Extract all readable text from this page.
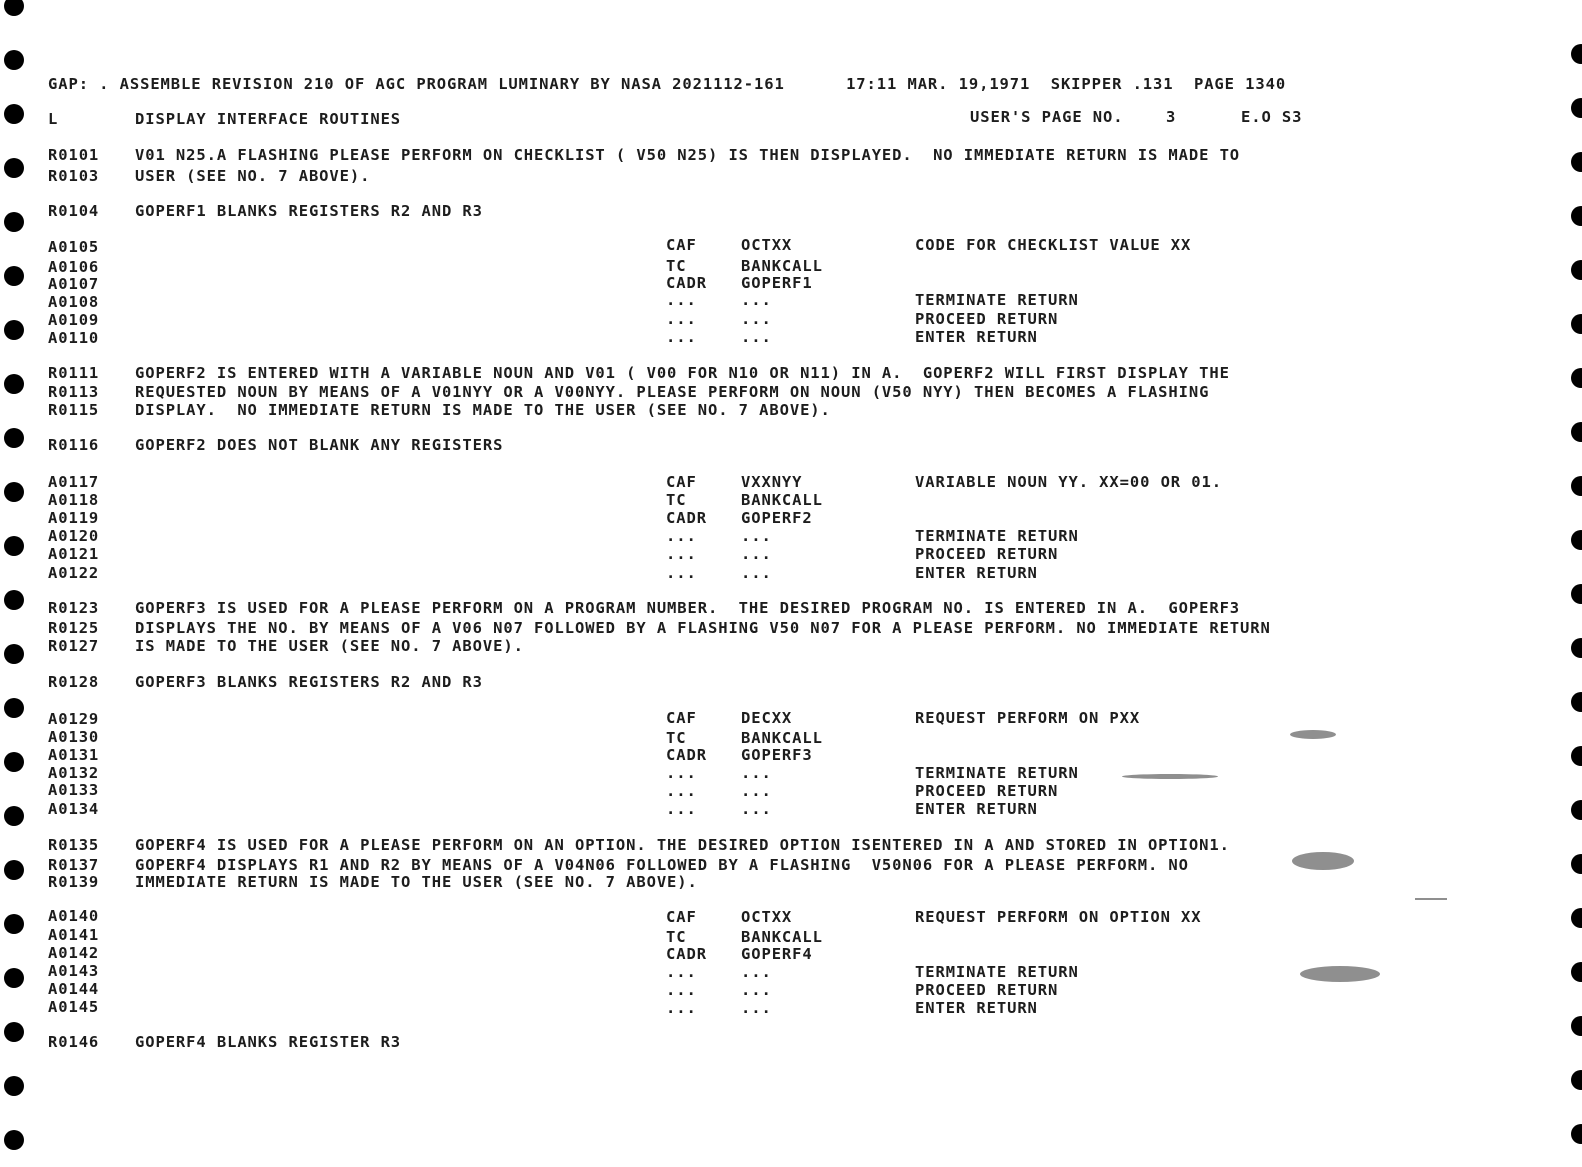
GAP: . ASSEMBLE REVISION 210 OF AGC PROGRAM LUMINARY BY NASA 2021112-161      17:11 MAR. 19,1971  SKIPPER .131  PAGE 1340
L	DISPLAY INTERFACE ROUTINES	USER'S PAGE NO.	3	E.O S3
R0101 V01 N25.A FLASHING PLEASE PERFORM ON CHECKLIST ( V50 N25) IS THEN DISPLAYED.  NO IMMEDIATE RETURN IS MADE TO
R0103 USER (SEE NO. 7 ABOVE).
R0104 GOPERF1 BLANKS REGISTERS R2 AND R3
R0111 GOPERF2 IS ENTERED WITH A VARIABLE NOUN AND V01 ( V00 FOR N10 OR N11) IN A.  GOPERF2 WILL FIRST DISPLAY THE
R0113 REQUESTED NOUN BY MEANS OF A V01NYY OR A V00NYY. PLEASE PERFORM ON NOUN (V50 NYY) THEN BECOMES A FLASHING
R0115 DISPLAY.  NO IMMEDIATE RETURN IS MADE TO THE USER (SEE NO. 7 ABOVE).
R0116 GOPERF2 DOES NOT BLANK ANY REGISTERS
R0123 GOPERF3 IS USED FOR A PLEASE PERFORM ON A PROGRAM NUMBER.  THE DESIRED PROGRAM NO. IS ENTERED IN A.  GOPERF3
R0125 DISPLAYS THE NO. BY MEANS OF A V06 N07 FOLLOWED BY A FLASHING V50 N07 FOR A PLEASE PERFORM. NO IMMEDIATE RETURN
R0127 IS MADE TO THE USER (SEE NO. 7 ABOVE).
R0128 GOPERF3 BLANKS REGISTERS R2 AND R3
R0135 GOPERF4 IS USED FOR A PLEASE PERFORM ON AN OPTION. THE DESIRED OPTION ISENTERED IN A AND STORED IN OPTION1.
R0137 GOPERF4 DISPLAYS R1 AND R2 BY MEANS OF A V04N06 FOLLOWED BY A FLASHING  V50N06 FOR A PLEASE PERFORM. NO
R0139 IMMEDIATE RETURN IS MADE TO THE USER (SEE NO. 7 ABOVE).
R0146 GOPERF4 BLANKS REGISTER R3
A0105	CAF	OCTXX	CODE FOR CHECKLIST VALUE XX
A0106	TC	BANKCALL
A0107	CADR GOPERF1
A0108	...	...	TERMINATE RETURN
A0109	...	...	PROCEED RETURN
A0110	...	...	ENTER RETURN
A0117	CAF	VXXNYY	VARIABLE NOUN YY. XX=00 OR 01.
A0118	TC	BANKCALL
A0119	CADR GOPERF2
A0120	...	...	TERMINATE RETURN
A0121	...	...	PROCEED RETURN
A0122	...	...	ENTER RETURN
A0129	CAF	DECXX	REQUEST PERFORM ON PXX
A0130	TC	BANKCALL
A0131	CADR GOPERF3
A0132	...	...	TERMINATE RETURN
A0133	...	...	PROCEED RETURN
A0134	...	...	ENTER RETURN
A0140	CAF	OCTXX	REQUEST PERFORM ON OPTION XX
A0141	TC	BANKCALL
A0142	CADR GOPERF4
A0143	...	...	TERMINATE RETURN
A0144	...	...	PROCEED RETURN
A0145	...	...	ENTER RETURN
